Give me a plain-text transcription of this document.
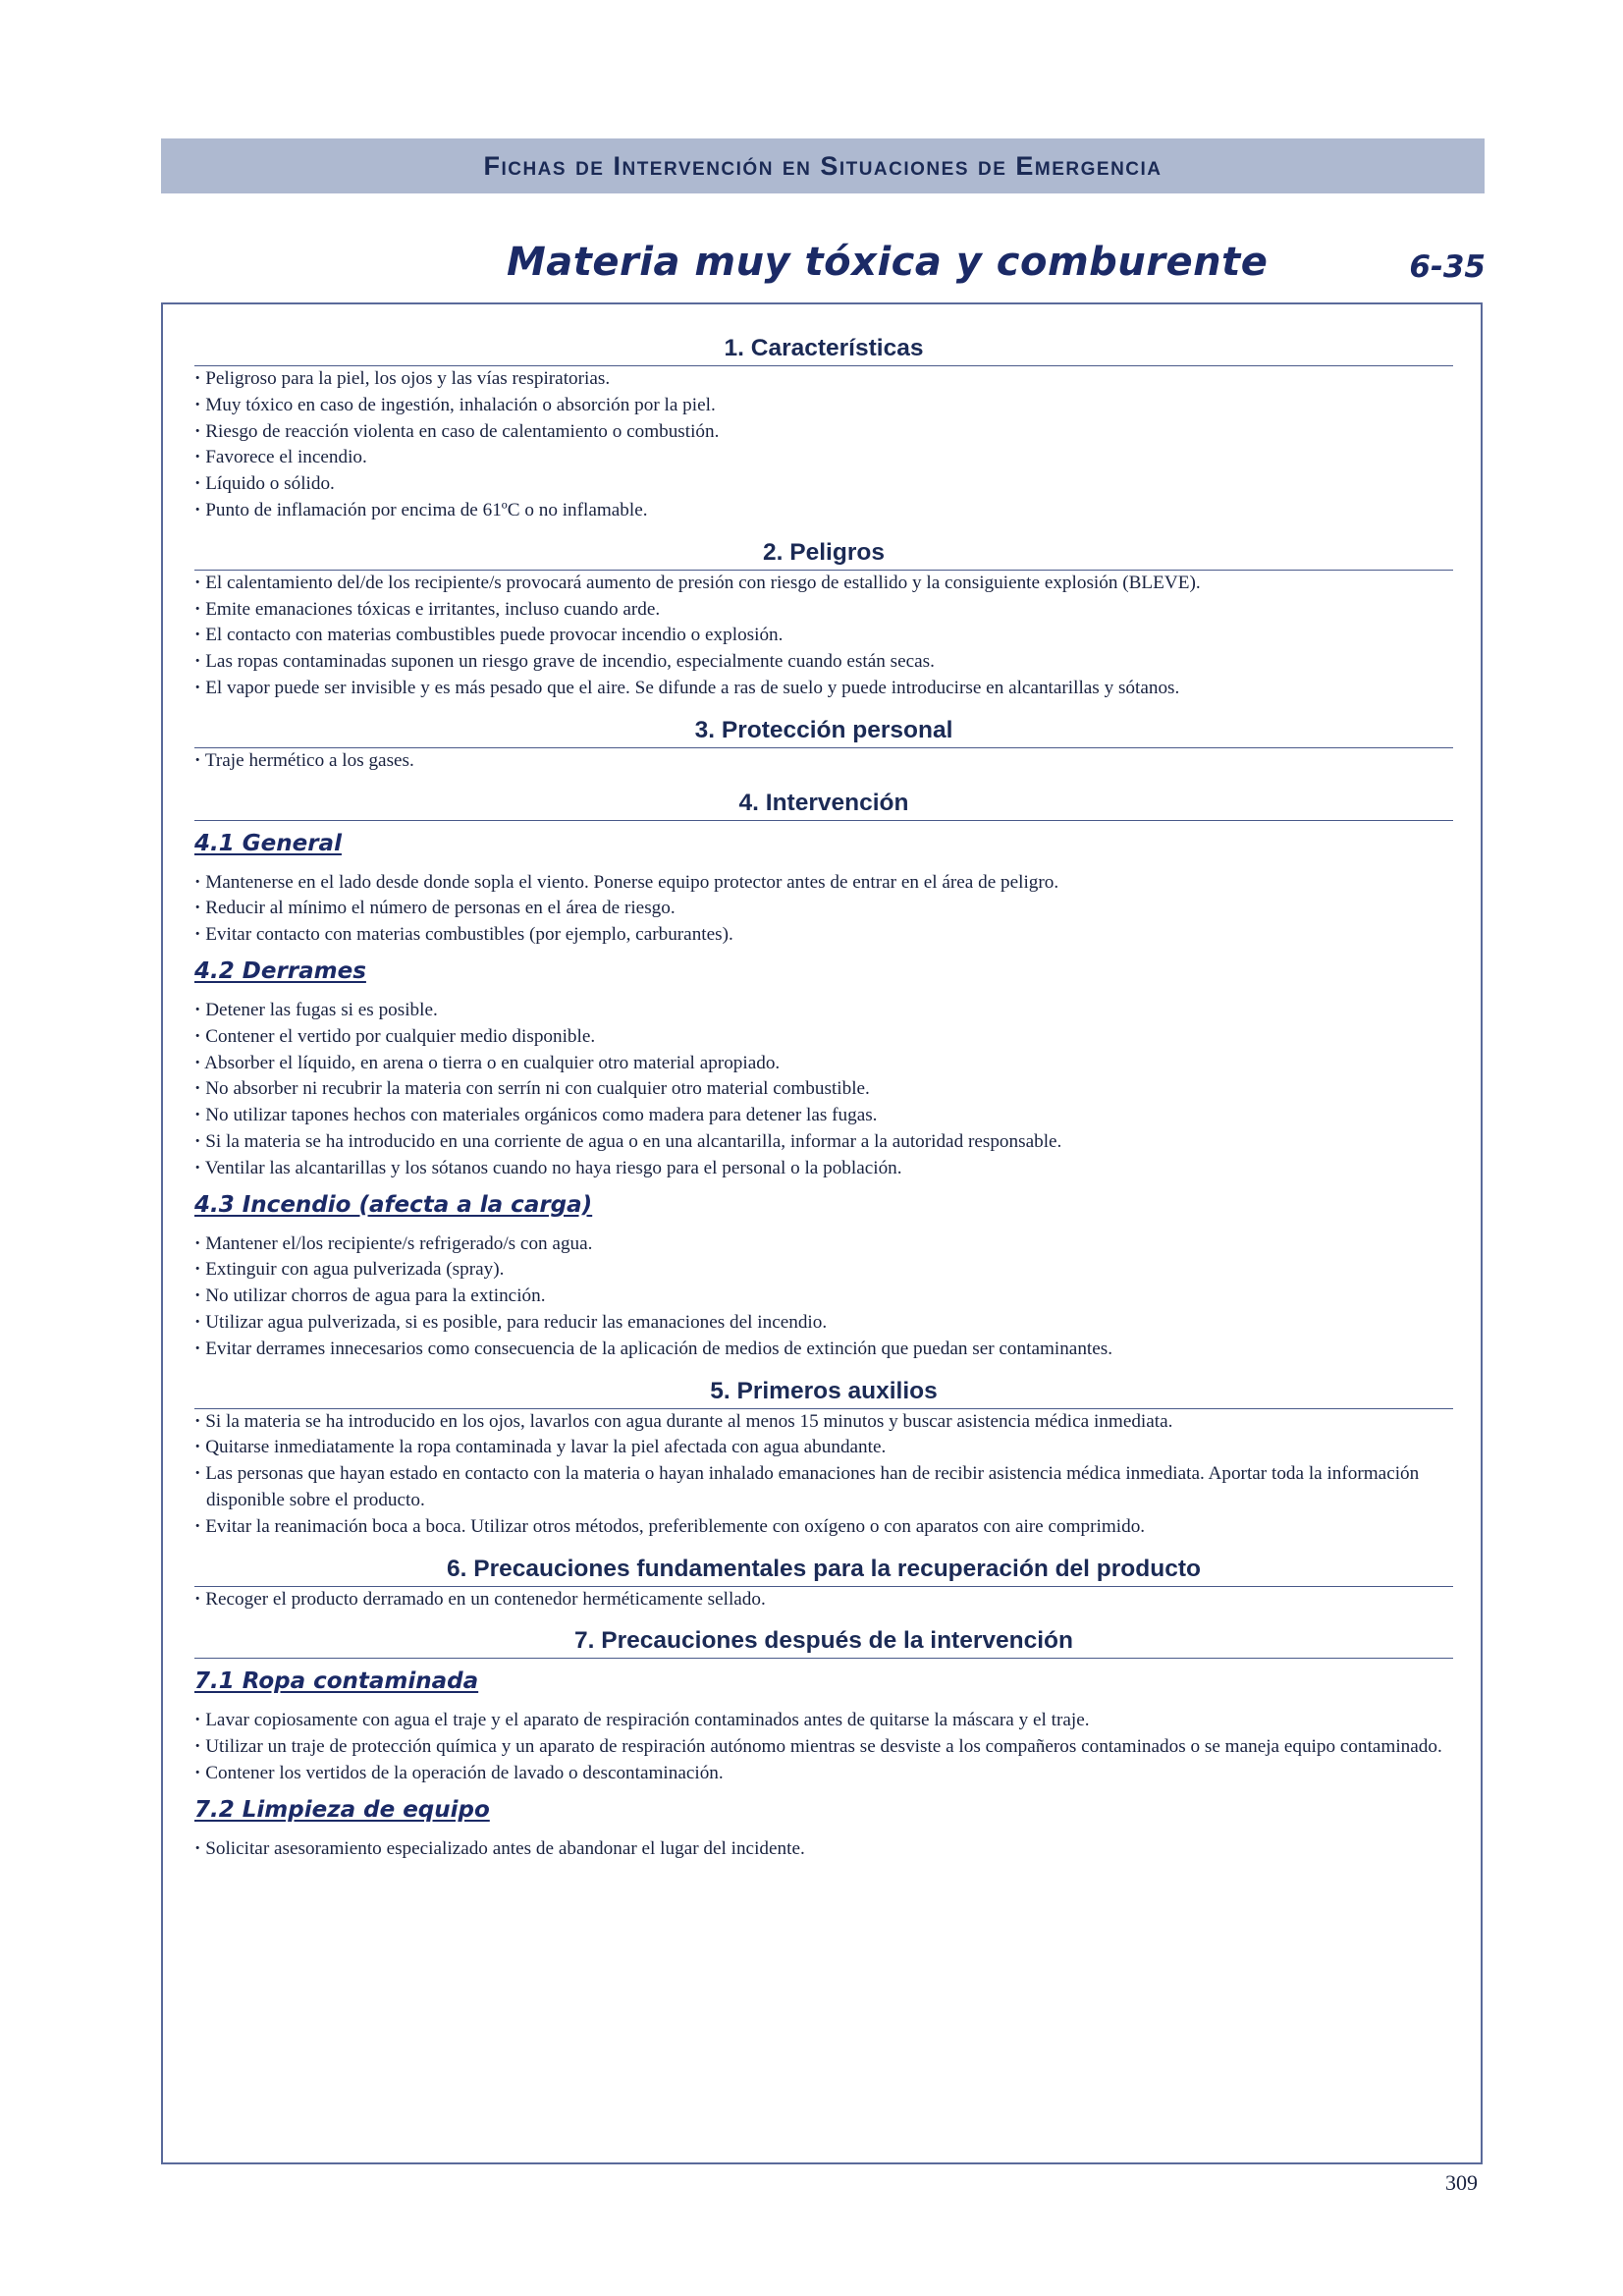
Fichas de Intervención en Situaciones de Emergencia
Materia muy tóxica y comburente	6-35
1. Características
· Peligroso para la piel, los ojos y las vías respiratorias.
· Muy tóxico en caso de ingestión, inhalación o absorción por la piel.
· Riesgo de reacción violenta en caso de calentamiento o combustión.
· Favorece el incendio.
· Líquido o sólido.
· Punto de inflamación por encima de 61ºC o no inflamable.
2. Peligros
· El calentamiento del/de los recipiente/s provocará aumento de presión con riesgo de estallido y la consiguiente explosión (BLEVE).
· Emite emanaciones tóxicas e irritantes, incluso cuando arde.
· El contacto con materias combustibles puede provocar incendio o explosión.
· Las ropas contaminadas suponen un riesgo grave de incendio, especialmente cuando están secas.
· El vapor puede ser invisible y es más pesado que el aire. Se difunde a ras de suelo y puede introducirse en alcantarillas y sótanos.
3. Protección personal
· Traje hermético a los gases.
4. Intervención
4.1 General
· Mantenerse en el lado desde donde sopla el viento. Ponerse equipo protector antes de entrar en el área de peligro.
· Reducir al mínimo el número de personas en el área de riesgo.
· Evitar contacto con materias combustibles (por ejemplo, carburantes).
4.2 Derrames
· Detener las fugas si es posible.
· Contener el vertido por cualquier medio disponible.
· Absorber el líquido, en arena o tierra o en cualquier otro material apropiado.
· No absorber ni recubrir la materia con serrín ni con cualquier otro material combustible.
· No utilizar tapones hechos con materiales orgánicos como madera para detener las fugas.
· Si la materia se ha introducido en una corriente de agua o en una alcantarilla, informar a la autoridad responsable.
· Ventilar las alcantarillas y los sótanos cuando no haya riesgo para el personal o la población.
4.3 Incendio (afecta a la carga)
· Mantener el/los recipiente/s refrigerado/s con agua.
· Extinguir con agua pulverizada (spray).
· No utilizar chorros de agua para la extinción.
· Utilizar agua pulverizada, si es posible, para reducir las emanaciones del incendio.
· Evitar derrames innecesarios como consecuencia de la aplicación de medios de extinción que puedan ser contaminantes.
5. Primeros auxilios
· Si la materia se ha introducido en los ojos, lavarlos con agua durante al menos 15 minutos y buscar asistencia médica inmediata.
· Quitarse inmediatamente la ropa contaminada y lavar la piel afectada con agua abundante.
· Las personas que hayan estado en contacto con la materia o hayan inhalado emanaciones han de recibir asistencia médica inmediata. Aportar toda la información disponible sobre el producto.
· Evitar la reanimación boca a boca. Utilizar otros métodos, preferiblemente con oxígeno o con aparatos con aire comprimido.
6. Precauciones fundamentales para la recuperación del producto
· Recoger el producto derramado en un contenedor herméticamente sellado.
7. Precauciones después de la intervención
7.1 Ropa contaminada
· Lavar copiosamente con agua el traje y el aparato de respiración contaminados antes de quitarse la máscara y el traje.
· Utilizar un traje de protección química y un aparato de respiración autónomo mientras se desviste a los compañeros contaminados o se maneja equipo contaminado.
· Contener los vertidos de la operación de lavado o descontaminación.
7.2 Limpieza de equipo
· Solicitar asesoramiento especializado antes de abandonar el lugar del incidente.
309
